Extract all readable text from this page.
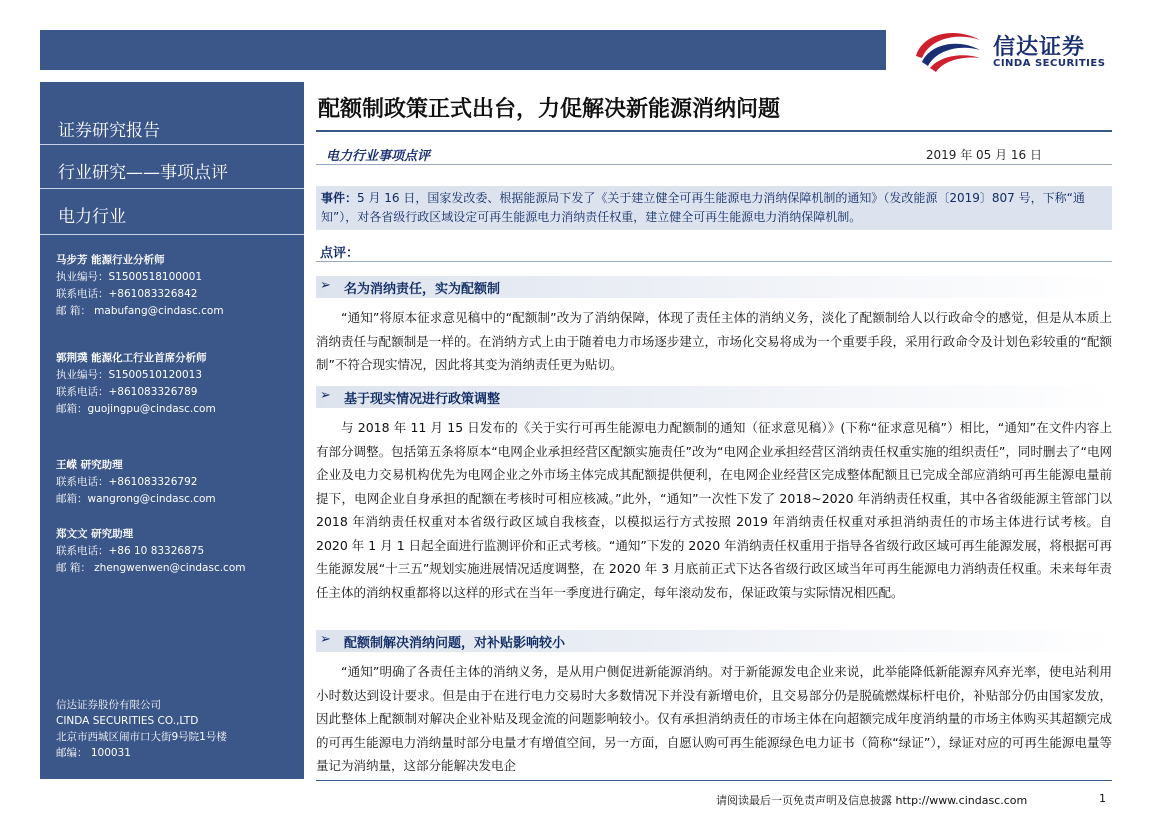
信达证券
CINDA SECURITIES
证券研究报告
行业研究——事项点评
电力行业
马步芳 能源行业分析师
执业编号：S1500518100001
联系电话：+861083326842
邮 箱： mabufang@cindasc.com
郭荆璞 能源化工行业首席分析师
执业编号：S1500510120013
联系电话：+861083326789
邮箱：guojingpu@cindasc.com
王嵘 研究助理
联系电话：+861083326792
邮箱：wangrong@cindasc.com
郑文文 研究助理
联系电话：+86 10 83326875
邮 箱： zhengwenwen@cindasc.com
信达证券股份有限公司
CINDA SECURITIES CO.,LTD
北京市西城区闹市口大街9号院1号楼
邮编： 100031
配额制政策正式出台，力促解决新能源消纳问题
电力行业事项点评	2019 年 05 月 16 日
事件：5 月 16 日，国家发改委、根据能源局下发了《关于建立健全可再生能源电力消纳保障机制的通知》（发改能源〔2019〕807 号，下称“通知”），对各省级行政区域设定可再生能源电力消纳责任权重，建立健全可再生能源电力消纳保障机制。
点评：
➢ 名为消纳责任，实为配额制
“通知”将原本征求意见稿中的“配额制”改为了消纳保障，体现了责任主体的消纳义务，淡化了配额制给人以行政命令的感觉，但是从本质上消纳责任与配额制是一样的。在消纳方式上由于随着电力市场逐步建立，市场化交易将成为一个重要手段，采用行政命令及计划色彩较重的“配额制”不符合现实情况，因此将其变为消纳责任更为贴切。
➢ 基于现实情况进行政策调整
与 2018 年 11 月 15 日发布的《关于实行可再生能源电力配额制的通知（征求意见稿）》(下称“征求意见稿”）相比，“通知”在文件内容上有部分调整。包括第五条将原本“电网企业承担经营区配额实施责任”改为“电网企业承担经营区消纳责任权重实施的组织责任”，同时删去了“电网企业及电力交易机构优先为电网企业之外市场主体完成其配额提供便利，在电网企业经营区完成整体配额且已完成全部应消纳可再生能源电量前提下，电网企业自身承担的配额在考核时可相应核减。”此外，“通知”一次性下发了 2018~2020 年消纳责任权重，其中各省级能源主管部门以 2018 年消纳责任权重对本省级行政区域自我核查，以模拟运行方式按照 2019 年消纳责任权重对承担消纳责任的市场主体进行试考核。自 2020 年 1 月 1 日起全面进行监测评价和正式考核。“通知”下发的 2020 年消纳责任权重用于指导各省级行政区域可再生能源发展，将根据可再生能源发展“十三五”规划实施进展情况适度调整，在 2020 年 3 月底前正式下达各省级行政区域当年可再生能源电力消纳责任权重。未来每年责任主体的消纳权重都将以这样的形式在当年一季度进行确定，每年滚动发布，保证政策与实际情况相匹配。
➢ 配额制解决消纳问题，对补贴影响较小
“通知”明确了各责任主体的消纳义务，是从用户侧促进新能源消纳。对于新能源发电企业来说，此举能降低新能源弃风弃光率，使电站利用小时数达到设计要求。但是由于在进行电力交易时大多数情况下并没有新增电价，且交易部分仍是脱硫燃煤标杆电价，补贴部分仍由国家发放，因此整体上配额制对解决企业补贴及现金流的问题影响较小。仅有承担消纳责任的市场主体在向超额完成年度消纳量的市场主体购买其超额完成的可再生能源电力消纳量时部分电量才有增值空间，另一方面，自愿认购可再生能源绿色电力证书（简称“绿证”），绿证对应的可再生能源电量等量记为消纳量，这部分能解决发电企
请阅读最后一页免责声明及信息披露 http://www.cindasc.com	1
